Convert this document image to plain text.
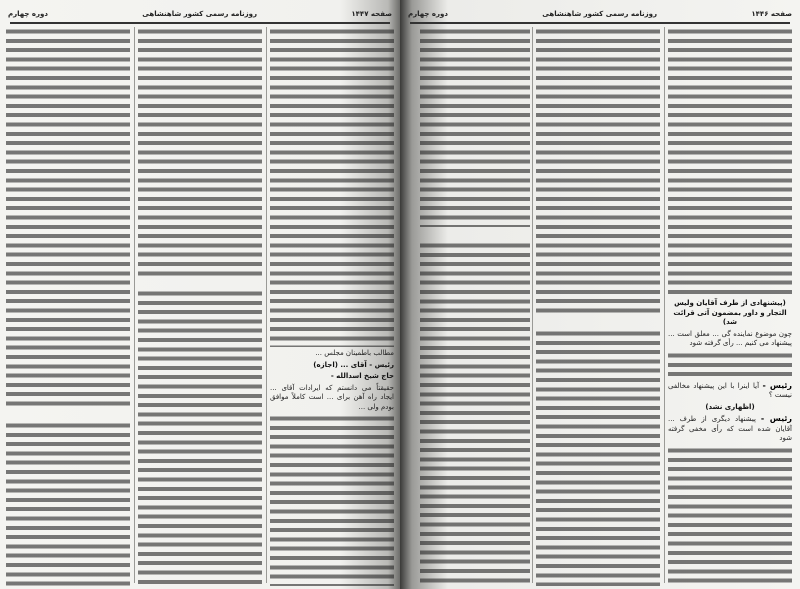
صفحه ۱۴۴۷
روزنامه رسمی کشور شاهنشاهی
دوره چهارم
مطالب باطمینان مجلس ...
رئیس - آقای ... (اجازه)
حاج شیخ اسدالله -
حقیقتاً می دانستم که ایرادات آقای ... ایجاد راه آهن برای ... است کاملاً موافق بودم ولی ...
صفحه ۱۴۴۶
روزنامه رسمی کشور شاهنشاهی
دوره چهارم
(پیشنهادی از طرف آقایان ولیس التجار و داور بمضمون آتی قرائت شد)
چون موضوع نماینده گی ... معلق است ... پیشنهاد می کنیم ... رأی گرفته شود
رئیس - آیا اینرا با این پیشنهاد مخالفی نیست ؟
(اظهاری نشد)
رئیس - پیشنهاد دیگری از طرف ... آقایان شده است که رأی مخفی گرفته شود
